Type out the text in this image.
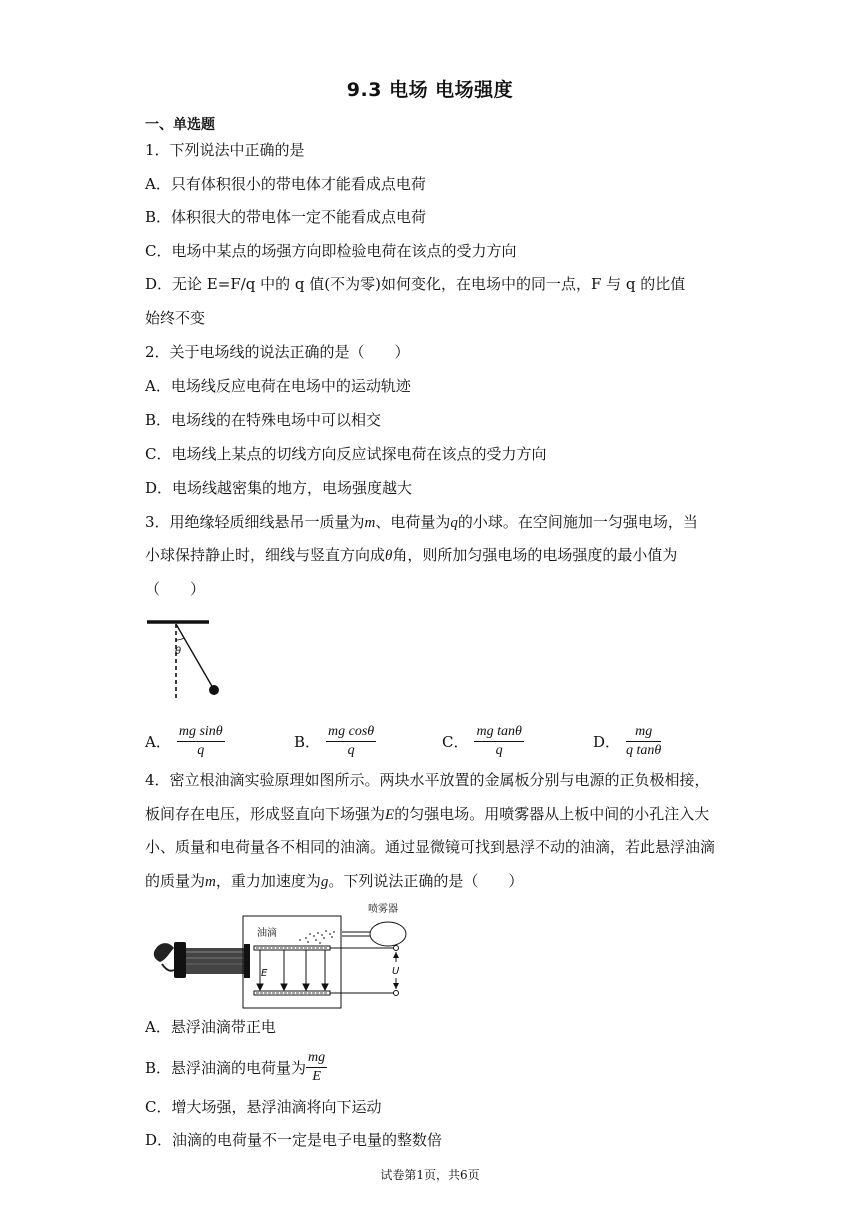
9.3 电场 电场强度
一、单选题
1．下列说法中正确的是
A．只有体积很小的带电体才能看成点电荷
B．体积很大的带电体一定不能看成点电荷
C．电场中某点的场强方向即检验电荷在该点的受力方向
D．无论 E=F/q 中的 q 值(不为零)如何变化，在电场中的同一点，F 与 q 的比值
始终不变
2．关于电场线的说法正确的是（　　）
A．电场线反应电荷在电场中的运动轨迹
B．电场线的在特殊电场中可以相交
C．电场线上某点的切线方向反应试探电荷在该点的受力方向
D．电场线越密集的地方，电场强度越大
3．用绝缘轻质细线悬吊一质量为m、电荷量为q的小球。在空间施加一匀强电场，当
小球保持静止时，细线与竖直方向成θ角，则所加匀强电场的电场强度的最小值为
（　　）
θ
4．密立根油滴实验原理如图所示。两块水平放置的金属板分别与电源的正负极相接，
板间存在电压，形成竖直向下场强为E的匀强电场。用喷雾器从上板中间的小孔注入大
小、质量和电荷量各不相同的油滴。通过显微镜可找到悬浮不动的油滴，若此悬浮油滴
的质量为m，重力加速度为g。下列说法正确的是（　　）
喷雾器
油滴
E	U
A．悬浮油滴带正电
B．悬浮油滴的电荷量为 $\frac{mg}{E}$
C．增大场强，悬浮油滴将向下运动
D．油滴的电荷量不一定是电子电量的整数倍
试卷第1页，共6页
A． $\frac{\text{mg sinθ}}{q}$	B． $\frac{\text{mg cosθ}}{q}$	C． $\frac{\text{mg tanθ}}{q}$	D． $\frac{mg}{\text{q tanθ}}$
